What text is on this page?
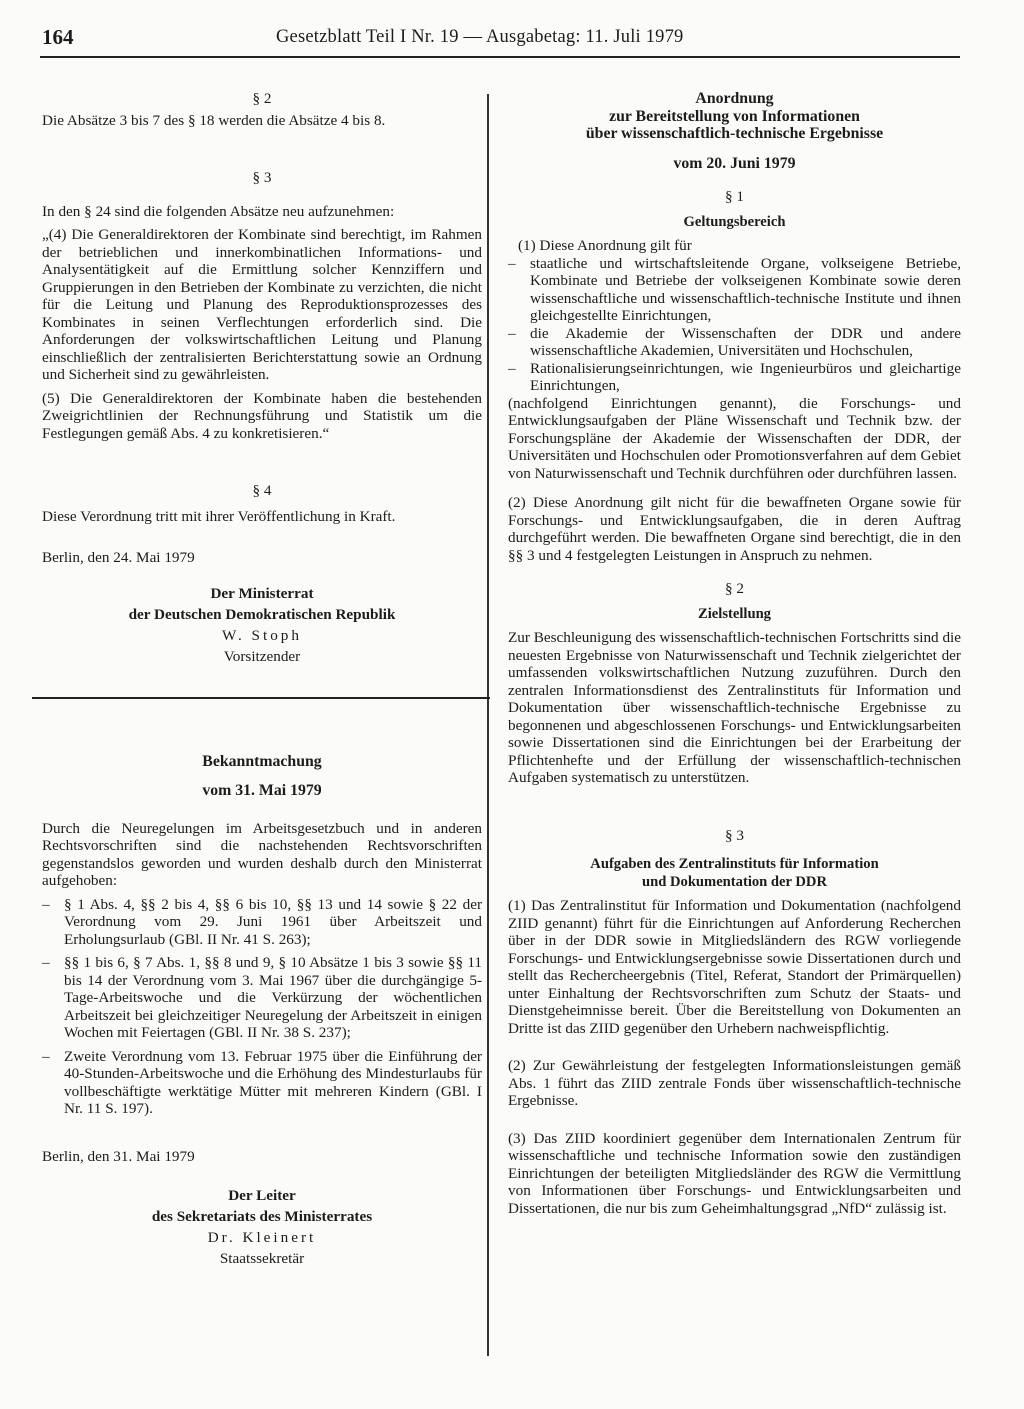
164	Gesetzblatt Teil I Nr. 19 — Ausgabetag: 11. Juli 1979

§ 2

Die Absätze 3 bis 7 des § 18 werden die Absätze 4 bis 8.

§ 3

In den § 24 sind die folgenden Absätze neu aufzunehmen:

„(4) Die Generaldirektoren der Kombinate sind berechtigt, im Rahmen der betrieblichen und innerkombinatlichen Informations- und Analysentätigkeit auf die Ermittlung solcher Kennziffern und Gruppierungen in den Betrieben der Kombinate zu verzichten, die nicht für die Leitung und Planung des Reproduktionsprozesses des Kombinates in seinen Verflechtungen erforderlich sind. Die Anforderungen der volkswirtschaftlichen Leitung und Planung einschließlich der zentralisierten Berichterstattung sowie an Ordnung und Sicherheit sind zu gewährleisten.

(5) Die Generaldirektoren der Kombinate haben die bestehenden Zweigrichtlinien der Rechnungsführung und Statistik um die Festlegungen gemäß Abs. 4 zu konkretisieren.“

§ 4

Diese Verordnung tritt mit ihrer Veröffentlichung in Kraft.

Berlin, den 24. Mai 1979

Der Ministerrat
der Deutschen Demokratischen Republik
W. Stoph
Vorsitzender

Bekanntmachung

vom 31. Mai 1979

Durch die Neuregelungen im Arbeitsgesetzbuch und in anderen Rechtsvorschriften sind die nachstehenden Rechtsvorschriften gegenstandslos geworden und wurden deshalb durch den Ministerrat aufgehoben:

– § 1 Abs. 4, §§ 2 bis 4, §§ 6 bis 10, §§ 13 und 14 sowie § 22 der Verordnung vom 29. Juni 1961 über Arbeitszeit und Erholungsurlaub (GBl. II Nr. 41 S. 263);
– §§ 1 bis 6, § 7 Abs. 1, §§ 8 und 9, § 10 Absätze 1 bis 3 sowie §§ 11 bis 14 der Verordnung vom 3. Mai 1967 über die durchgängige 5-Tage-Arbeitswoche und die Verkürzung der wöchentlichen Arbeitszeit bei gleichzeitiger Neuregelung der Arbeitszeit in einigen Wochen mit Feiertagen (GBl. II Nr. 38 S. 237);
– Zweite Verordnung vom 13. Februar 1975 über die Einführung der 40-Stunden-Arbeitswoche und die Erhöhung des Mindesturlaubs für vollbeschäftigte werktätige Mütter mit mehreren Kindern (GBl. I Nr. 11 S. 197).

Berlin, den 31. Mai 1979

Der Leiter
des Sekretariats des Ministerrates
Dr. Kleinert
Staatssekretär

Anordnung

zur Bereitstellung von Informationen

über wissenschaftlich-technische Ergebnisse

vom 20. Juni 1979

§ 1

Geltungsbereich

(1) Diese Anordnung gilt für

– staatliche und wirtschaftsleitende Organe, volkseigene Betriebe, Kombinate und Betriebe der volkseigenen Kombinate sowie deren wissenschaftliche und wissenschaftlich-technische Institute und ihnen gleichgestellte Einrichtungen,
– die Akademie der Wissenschaften der DDR und andere wissenschaftliche Akademien, Universitäten und Hochschulen,
– Rationalisierungseinrichtungen, wie Ingenieurbüros und gleichartige Einrichtungen,

(nachfolgend Einrichtungen genannt), die Forschungs- und Entwicklungsaufgaben der Pläne Wissenschaft und Technik bzw. der Forschungspläne der Akademie der Wissenschaften der DDR, der Universitäten und Hochschulen oder Promotionsverfahren auf dem Gebiet von Naturwissenschaft und Technik durchführen oder durchführen lassen.

(2) Diese Anordnung gilt nicht für die bewaffneten Organe sowie für Forschungs- und Entwicklungsaufgaben, die in deren Auftrag durchgeführt werden. Die bewaffneten Organe sind berechtigt, die in den §§ 3 und 4 festgelegten Leistungen in Anspruch zu nehmen.

§ 2

Zielstellung

Zur Beschleunigung des wissenschaftlich-technischen Fortschritts sind die neuesten Ergebnisse von Naturwissenschaft und Technik zielgerichtet der umfassenden volkswirtschaftlichen Nutzung zuzuführen. Durch den zentralen Informationsdienst des Zentralinstituts für Information und Dokumentation über wissenschaftlich-technische Ergebnisse zu begonnenen und abgeschlossenen Forschungs- und Entwicklungsarbeiten sowie Dissertationen sind die Einrichtungen bei der Erarbeitung der Pflichtenhefte und der Erfüllung der wissenschaftlich-technischen Aufgaben systematisch zu unterstützen.

§ 3

Aufgaben des Zentralinstituts für Information

und Dokumentation der DDR

(1) Das Zentralinstitut für Information und Dokumentation (nachfolgend ZIID genannt) führt für die Einrichtungen auf Anforderung Recherchen über in der DDR sowie in Mitgliedsländern des RGW vorliegende Forschungs- und Entwicklungsergebnisse sowie Dissertationen durch und stellt das Rechercheergebnis (Titel, Referat, Standort der Primärquellen) unter Einhaltung der Rechtsvorschriften zum Schutz der Staats- und Dienstgeheimnisse bereit. Über die Bereitstellung von Dokumenten an Dritte ist das ZIID gegenüber den Urhebern nachweispflichtig.

(2) Zur Gewährleistung der festgelegten Informationsleistungen gemäß Abs. 1 führt das ZIID zentrale Fonds über wissenschaftlich-technische Ergebnisse.

(3) Das ZIID koordiniert gegenüber dem Internationalen Zentrum für wissenschaftliche und technische Information sowie den zuständigen Einrichtungen der beteiligten Mitgliedsländer des RGW die Vermittlung von Informationen über Forschungs- und Entwicklungsarbeiten und Dissertationen, die nur bis zum Geheimhaltungsgrad „NfD“ zulässig ist.
